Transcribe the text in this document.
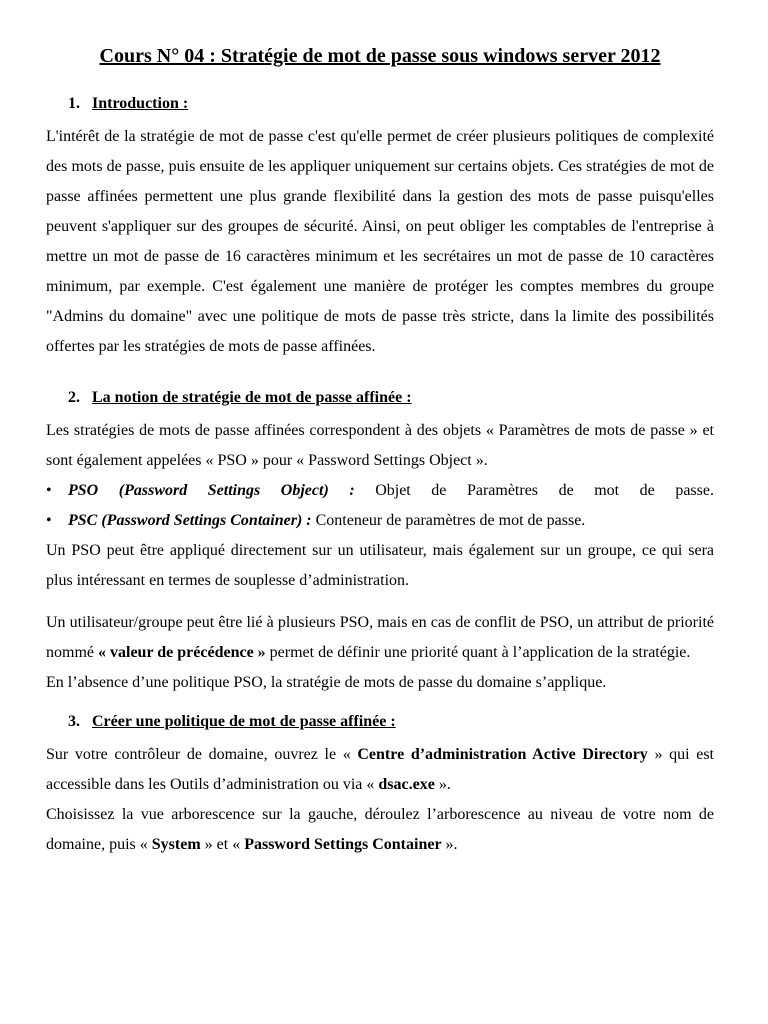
Cours N° 04 : Stratégie de mot de passe sous windows server 2012
1. Introduction :

L'intérêt de la stratégie de mot de passe c'est qu'elle permet de créer plusieurs politiques de complexité des mots de passe, puis ensuite de les appliquer uniquement sur certains objets. Ces stratégies de mot de passe affinées permettent une plus grande flexibilité dans la gestion des mots de passe puisqu'elles peuvent s'appliquer sur des groupes de sécurité. Ainsi, on peut obliger les comptables de l'entreprise à mettre un mot de passe de 16 caractères minimum et les secrétaires un mot de passe de 10 caractères minimum, par exemple. C'est également une manière de protéger les comptes membres du groupe "Admins du domaine" avec une politique de mots de passe très stricte, dans la limite des possibilités offertes par les stratégies de mots de passe affinées.

2. La notion de stratégie de mot de passe affinée :

Les stratégies de mots de passe affinées correspondent à des objets « Paramètres de mots de passe » et sont également appelées « PSO » pour « Password Settings Object ».

• PSO (Password Settings Object) : Objet de Paramètres de mot de passe.
• PSC (Password Settings Container) : Conteneur de paramètres de mot de passe.

Un PSO peut être appliqué directement sur un utilisateur, mais également sur un groupe, ce qui sera plus intéressant en termes de souplesse d’administration.

Un utilisateur/groupe peut être lié à plusieurs PSO, mais en cas de conflit de PSO, un attribut de priorité nommé « valeur de précédence » permet de définir une priorité quant à l’application de la stratégie.

En l’absence d’une politique PSO, la stratégie de mots de passe du domaine s’applique.

3. Créer une politique de mot de passe affinée :

Sur votre contrôleur de domaine, ouvrez le « Centre d’administration Active Directory » qui est accessible dans les Outils d’administration ou via « dsac.exe ».

Choisissez la vue arborescence sur la gauche, déroulez l’arborescence au niveau de votre nom de domaine, puis « System » et « Password Settings Container ».
